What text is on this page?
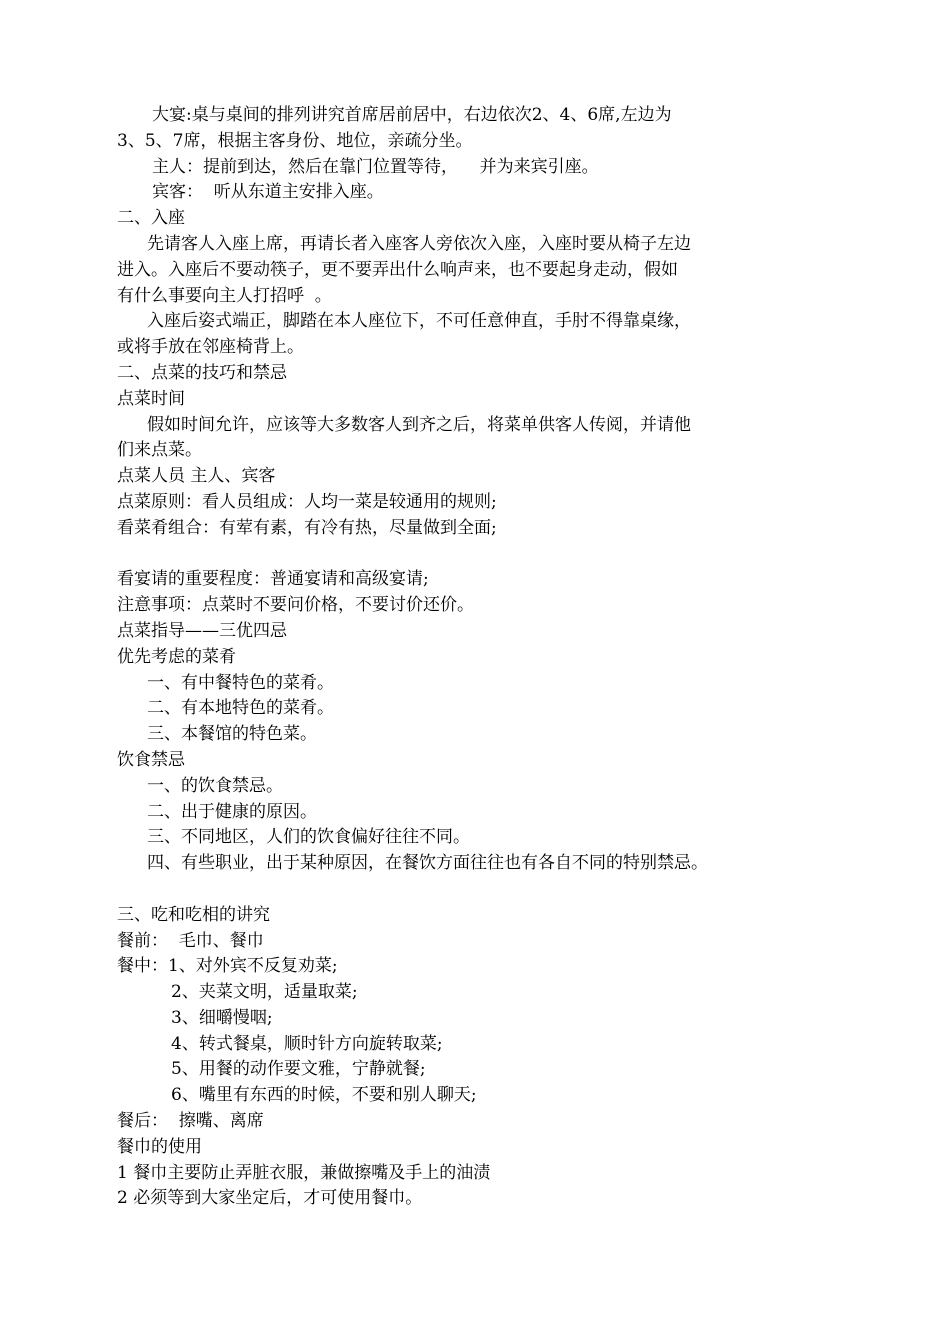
大宴:桌与桌间的排列讲究首席居前居中，右边依次2、4、6席,左边为

3、5、7席，根据主客身份、地位，亲疏分坐。

主人：提前到达，然后在靠门位置等待，    并为来宾引座。

宾客：  听从东道主安排入座。

二、入座

先请客人入座上席，再请长者入座客人旁依次入座，入座时要从椅子左边

进入。入座后不要动筷子，更不要弄出什么响声来，也不要起身走动，假如

有什么事要向主人打招呼  。

入座后姿式端正，脚踏在本人座位下，不可任意伸直，手肘不得靠桌缘，

或将手放在邻座椅背上。

二、点菜的技巧和禁忌

点菜时间

假如时间允许，应该等大多数客人到齐之后，将菜单供客人传阅，并请他

们来点菜。

点菜人员 主人、宾客

点菜原则：看人员组成：人均一菜是较通用的规则;

看菜肴组合：有荤有素，有冷有热，尽量做到全面;

看宴请的重要程度：普通宴请和高级宴请;

注意事项：点菜时不要问价格，不要讨价还价。

点菜指导——三优四忌

优先考虑的菜肴

一、有中餐特色的菜肴。

二、有本地特色的菜肴。

三、本餐馆的特色菜。

饮食禁忌

一、的饮食禁忌。

二、出于健康的原因。

三、不同地区，人们的饮食偏好往往不同。

四、有些职业，出于某种原因，在餐饮方面往往也有各自不同的特别禁忌。

三、吃和吃相的讲究

餐前：  毛巾、餐巾

餐中：1、对外宾不反复劝菜;

2、夹菜文明，适量取菜;

3、细嚼慢咽;

4、转式餐桌，顺时针方向旋转取菜;

5、用餐的动作要文雅，宁静就餐;

6、嘴里有东西的时候，不要和别人聊天;

餐后：  擦嘴、离席

餐巾的使用

1 餐巾主要防止弄脏衣服，兼做擦嘴及手上的油渍

2 必须等到大家坐定后，才可使用餐巾。
